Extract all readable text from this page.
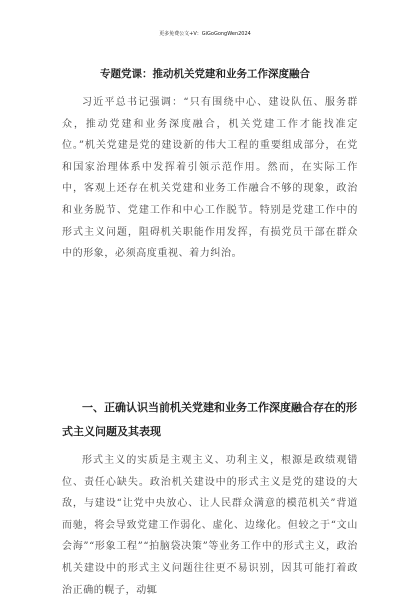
更多免费公文+V：GiGoGongWen2024
专题党课：推动机关党建和业务工作深度融合

习近平总书记强调：“只有围绕中心、建设队伍、服务群众，推动党建和业务深度融合，机关党建工作才能找准定位。”机关党建是党的建设新的伟大工程的重要组成部分，在党和国家治理体系中发挥着引领示范作用。然而，在实际工作中，客观上还存在机关党建和业务工作融合不够的现象，政治和业务脱节、党建工作和中心工作脱节。特别是党建工作中的形式主义问题，阻碍机关职能作用发挥，有损党员干部在群众中的形象，必须高度重视、着力纠治。

一、正确认识当前机关党建和业务工作深度融合存在的形式主义问题及其表现

形式主义的实质是主观主义、功利主义，根源是政绩观错位、责任心缺失。政治机关建设中的形式主义是党的建设的大敌，与建设“让党中央放心、让人民群众满意的模范机关”背道而驰，将会导致党建工作弱化、虚化、边缘化。但较之于“文山会海”“形象工程”“拍脑袋决策”等业务工作中的形式主义，政治机关建设中的形式主义问题往往更不易识别，因其可能打着政治正确的幌子，动辄
